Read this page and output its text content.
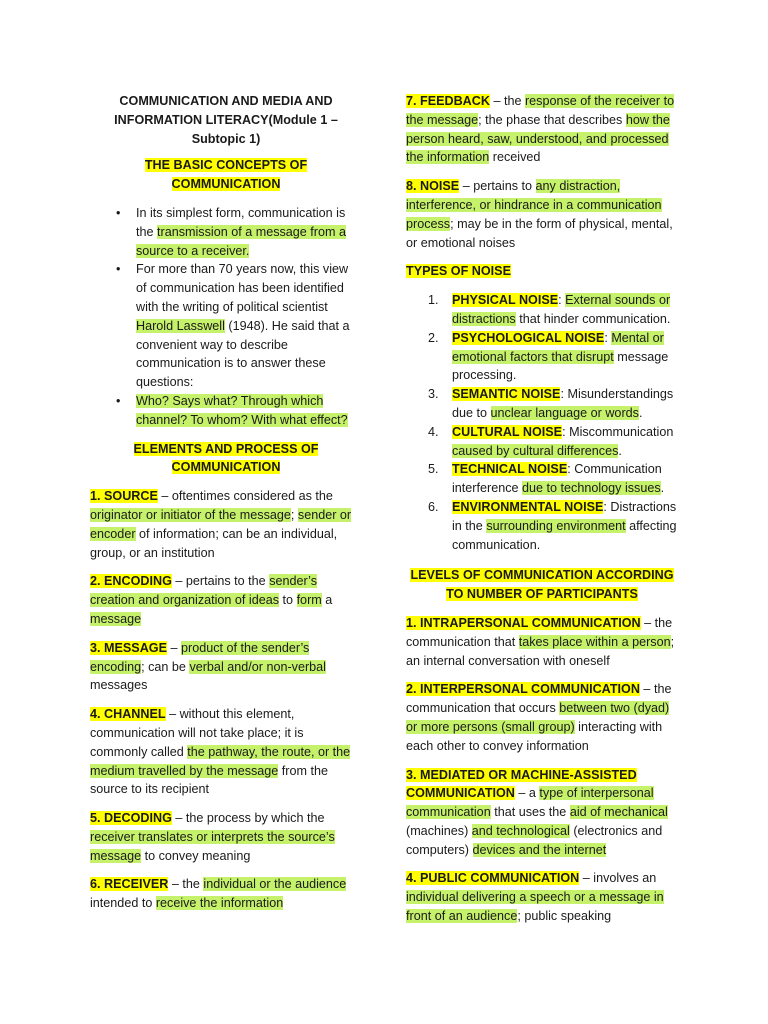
COMMUNICATION AND MEDIA AND INFORMATION LITERACY(Module 1 – Subtopic 1)

THE BASIC CONCEPTS OF COMMUNICATION

• In its simplest form, communication is the transmission of a message from a source to a receiver.
• For more than 70 years now, this view of communication has been identified with the writing of political scientist Harold Lasswell (1948). He said that a convenient way to describe communication is to answer these questions:
• Who? Says what? Through which channel? To whom? With what effect?

ELEMENTS AND PROCESS OF COMMUNICATION

1. SOURCE – oftentimes considered as the originator or initiator of the message; sender or encoder of information; can be an individual, group, or an institution

2. ENCODING – pertains to the sender’s creation and organization of ideas to form a message

3. MESSAGE – product of the sender’s encoding; can be verbal and/or non-verbal messages

4. CHANNEL – without this element, communication will not take place; it is commonly called the pathway, the route, or the medium travelled by the message from the source to its recipient

5. DECODING – the process by which the receiver translates or interprets the source’s message to convey meaning

6. RECEIVER – the individual or the audience intended to receive the information

7. FEEDBACK – the response of the receiver to the message; the phase that describes how the person heard, saw, understood, and processed the information received

8. NOISE – pertains to any distraction, interference, or hindrance in a communication process; may be in the form of physical, mental, or emotional noises

TYPES OF NOISE

1. PHYSICAL NOISE: External sounds or distractions that hinder communication.
2. PSYCHOLOGICAL NOISE: Mental or emotional factors that disrupt message processing.
3. SEMANTIC NOISE: Misunderstandings due to unclear language or words.
4. CULTURAL NOISE: Miscommunication caused by cultural differences.
5. TECHNICAL NOISE: Communication interference due to technology issues.
6. ENVIRONMENTAL NOISE: Distractions in the surrounding environment affecting communication.

LEVELS OF COMMUNICATION ACCORDING TO NUMBER OF PARTICIPANTS

1. INTRAPERSONAL COMMUNICATION – the communication that takes place within a person; an internal conversation with oneself

2. INTERPERSONAL COMMUNICATION – the communication that occurs between two (dyad) or more persons (small group) interacting with each other to convey information

3. MEDIATED OR MACHINE-ASSISTED COMMUNICATION – a type of interpersonal communication that uses the aid of mechanical (machines) and technological (electronics and computers) devices and the internet

4. PUBLIC COMMUNICATION – involves an individual delivering a speech or a message in front of an audience; public speaking
